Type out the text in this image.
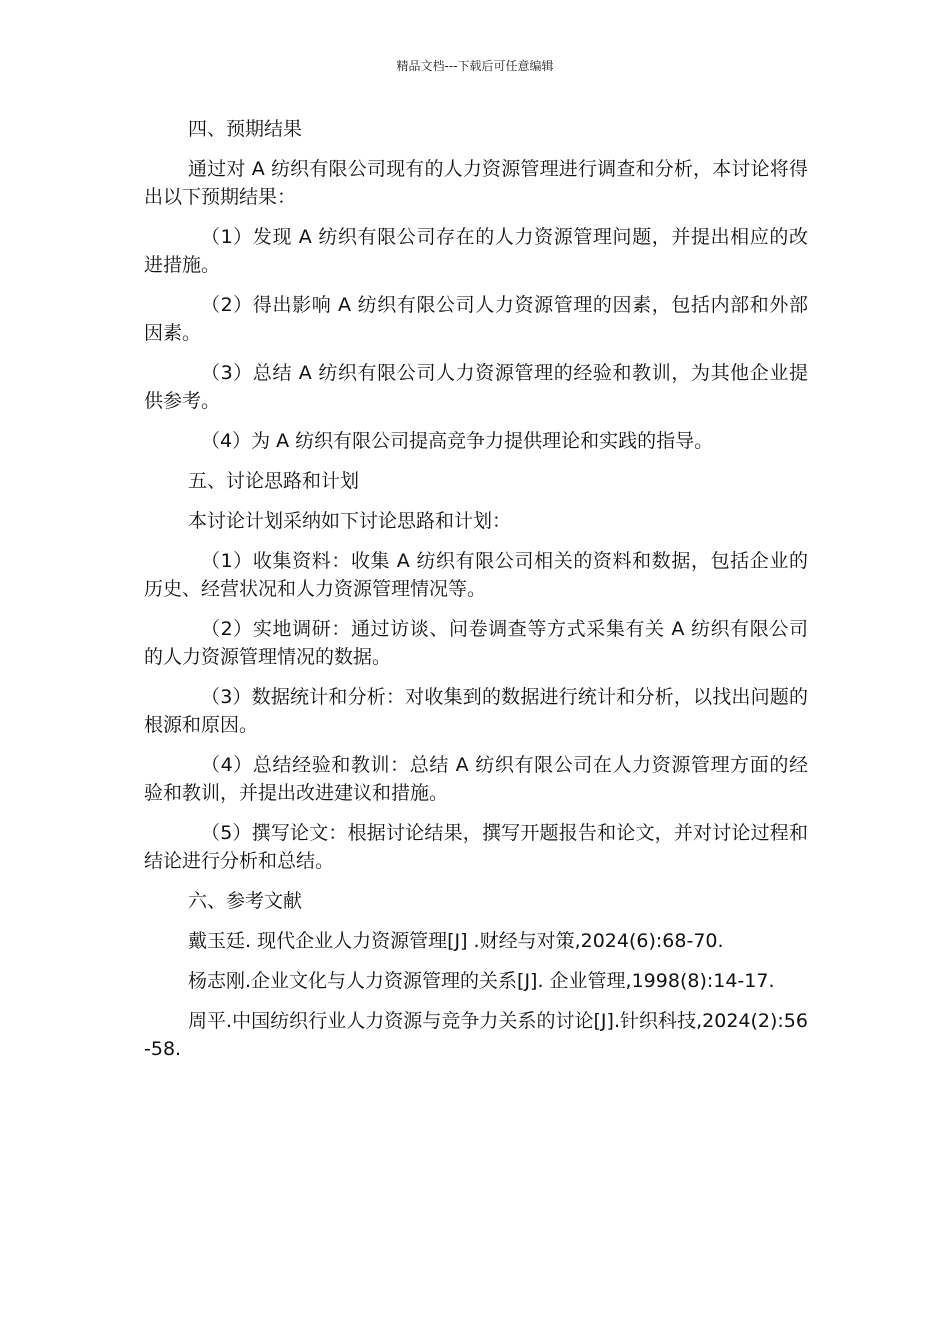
精品文档---下载后可任意编辑

四、预期结果

通过对 A 纺织有限公司现有的人力资源管理进行调查和分析，本讨论将得出以下预期结果：

（1）发现 A 纺织有限公司存在的人力资源管理问题，并提出相应的改进措施。

（2）得出影响 A 纺织有限公司人力资源管理的因素，包括内部和外部因素。

（3）总结 A 纺织有限公司人力资源管理的经验和教训，为其他企业提供参考。

（4）为 A 纺织有限公司提高竞争力提供理论和实践的指导。

五、讨论思路和计划

本讨论计划采纳如下讨论思路和计划：

（1）收集资料：收集 A 纺织有限公司相关的资料和数据，包括企业的历史、经营状况和人力资源管理情况等。

（2）实地调研：通过访谈、问卷调查等方式采集有关 A 纺织有限公司的人力资源管理情况的数据。

（3）数据统计和分析：对收集到的数据进行统计和分析，以找出问题的根源和原因。

（4）总结经验和教训：总结 A 纺织有限公司在人力资源管理方面的经验和教训，并提出改进建议和措施。

（5）撰写论文：根据讨论结果，撰写开题报告和论文，并对讨论过程和结论进行分析和总结。

六、参考文献

戴玉廷. 现代企业人力资源管理[J] .财经与对策,2024(6):68-70.

杨志刚.企业文化与人力资源管理的关系[J]. 企业管理,1998(8):14-17.

周平.中国纺织行业人力资源与竞争力关系的讨论[J].针织科技,2024(2):56-58.
